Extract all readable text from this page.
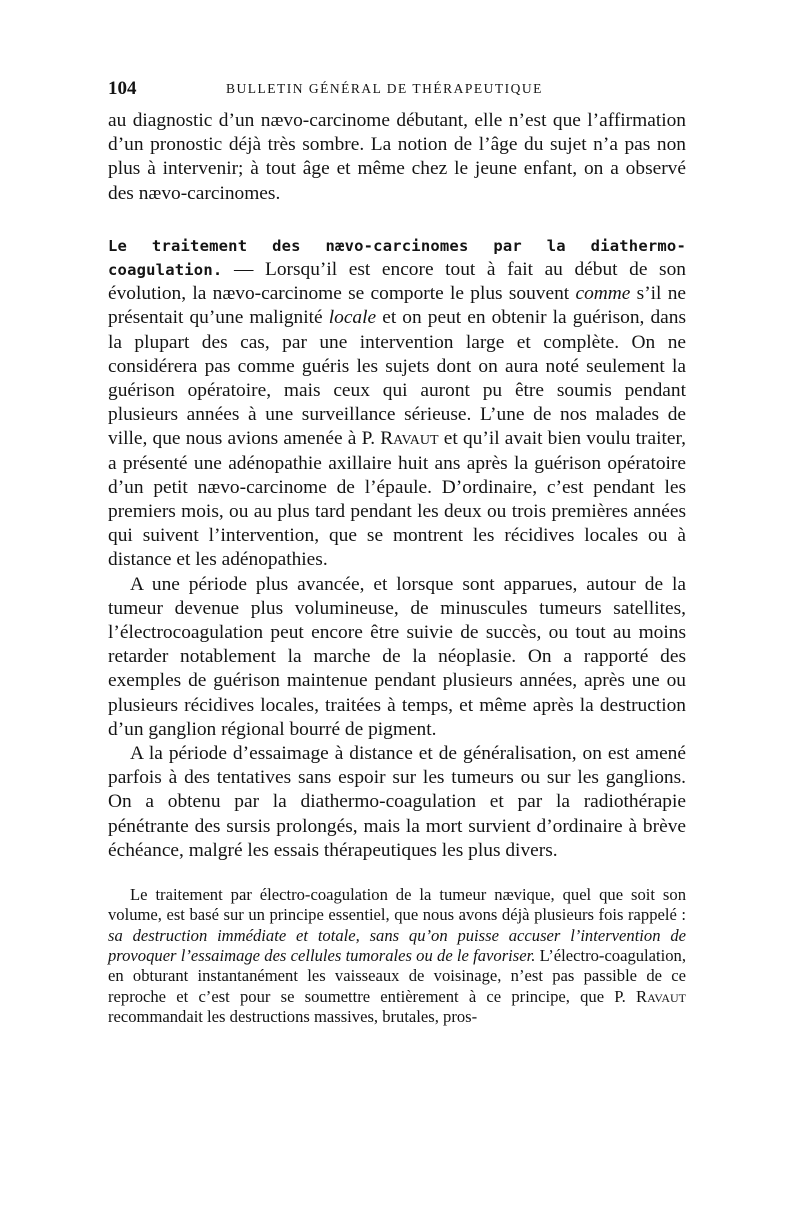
104	BULLETIN GÉNÉRAL DE THÉRAPEUTIQUE

au diagnostic d’un nævo-carcinome débutant, elle n’est que l’affirmation d’un pronostic déjà très sombre. La notion de l’âge du sujet n’a pas non plus à intervenir; à tout âge et même chez le jeune enfant, on a observé des nævo-carcinomes.

Le traitement des nævo-carcinomes par la diathermo-coagulation. — Lorsqu’il est encore tout à fait au début de son évolution, la nævo-carcinome se comporte le plus souvent comme s’il ne présentait qu’une malignité locale et on peut en obtenir la guérison, dans la plupart des cas, par une intervention large et complète. On ne considérera pas comme guéris les sujets dont on aura noté seulement la guérison opératoire, mais ceux qui auront pu être soumis pendant plusieurs années à une surveillance sérieuse. L’une de nos malades de ville, que nous avions amenée à P. Ravaut et qu’il avait bien voulu traiter, a présenté une adénopathie axillaire huit ans après la guérison opératoire d’un petit nævo-carcinome de l’épaule. D’ordinaire, c’est pendant les premiers mois, ou au plus tard pendant les deux ou trois premières années qui suivent l’intervention, que se montrent les récidives locales ou à distance et les adénopathies.

A une période plus avancée, et lorsque sont apparues, autour de la tumeur devenue plus volumineuse, de minuscules tumeurs satellites, l’électrocoagulation peut encore être suivie de succès, ou tout au moins retarder notablement la marche de la néoplasie. On a rapporté des exemples de guérison maintenue pendant plusieurs années, après une ou plusieurs récidives locales, traitées à temps, et même après la destruction d’un ganglion régional bourré de pigment.

A la période d’essaimage à distance et de généralisation, on est amené parfois à des tentatives sans espoir sur les tumeurs ou sur les ganglions. On a obtenu par la diathermo-coagulation et par la radiothérapie pénétrante des sursis prolongés, mais la mort survient d’ordinaire à brève échéance, malgré les essais thérapeutiques les plus divers.

Le traitement par électro-coagulation de la tumeur nævique, quel que soit son volume, est basé sur un principe essentiel, que nous avons déjà plusieurs fois rappelé : sa destruction immédiate et totale, sans qu’on puisse accuser l’intervention de provoquer l’essaimage des cellules tumorales ou de le favoriser. L’électro-coagulation, en obturant instantanément les vaisseaux de voisinage, n’est pas passible de ce reproche et c’est pour se soumettre entièrement à ce principe, que P. Ravaut recommandait les destructions massives, brutales, pros-
